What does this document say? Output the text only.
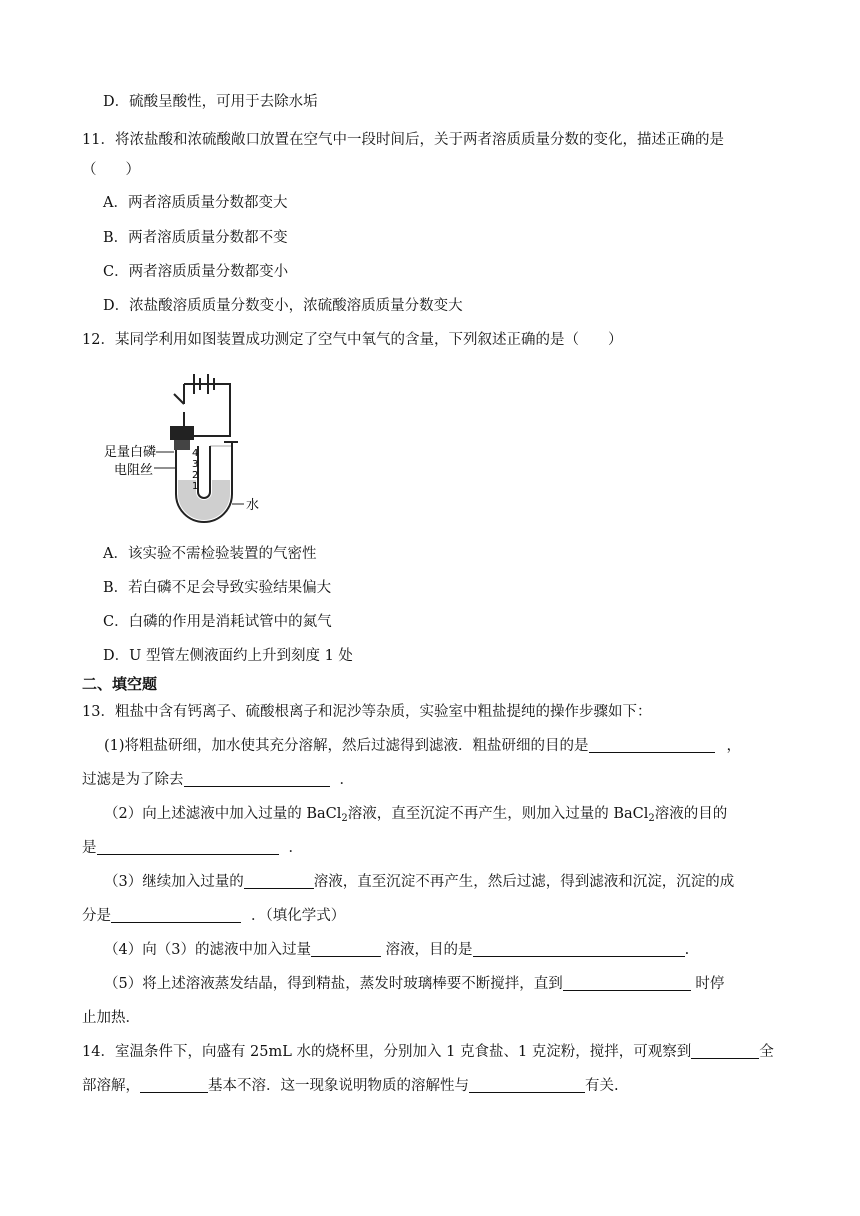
D．硫酸呈酸性，可用于去除水垢
11．将浓盐酸和浓硫酸敞口放置在空气中一段时间后，关于两者溶质质量分数的变化，描述正确的是
（　　）
A．两者溶质质量分数都变大
B．两者溶质质量分数都不变
C．两者溶质质量分数都变小
D．浓盐酸溶质质量分数变小，浓硫酸溶质质量分数变大
12．某同学利用如图装置成功测定了空气中氧气的含量，下列叙述正确的是（　　）
4
3
2
1
足量白磷
电阻丝
水
A．该实验不需检验装置的气密性
B．若白磷不足会导致实验结果偏大
C．白磷的作用是消耗试管中的氮气
D．U 型管左侧液面约上升到刻度 1 处
二、填空题
13．粗盐中含有钙离子、硫酸根离子和泥沙等杂质，实验室中粗盐提纯的操作步骤如下：
(1)将粗盐研细，加水使其充分溶解，然后过滤得到滤液．粗盐研细的目的是	，
过滤是为了除去	．
（2）向上述滤液中加入过量的 BaCl$_2$溶液，直至沉淀不再产生，则加入过量的 BaCl$_2$溶液的目的
是	．
（3）继续加入过量的	溶液，直至沉淀不再产生，然后过滤，得到滤液和沉淀，沉淀的成
分是	．（填化学式）
（4）向（3）的滤液中加入过量	溶液，目的是	.
（5）将上述溶液蒸发结晶，得到精盐，蒸发时玻璃棒要不断搅拌，直到	时停
止加热．
14．室温条件下，向盛有 25mL 水的烧杯里，分别加入 1 克食盐、1 克淀粉，搅拌，可观察到	全
部溶解，	基本不溶．这一现象说明物质的溶解性与	有关.
